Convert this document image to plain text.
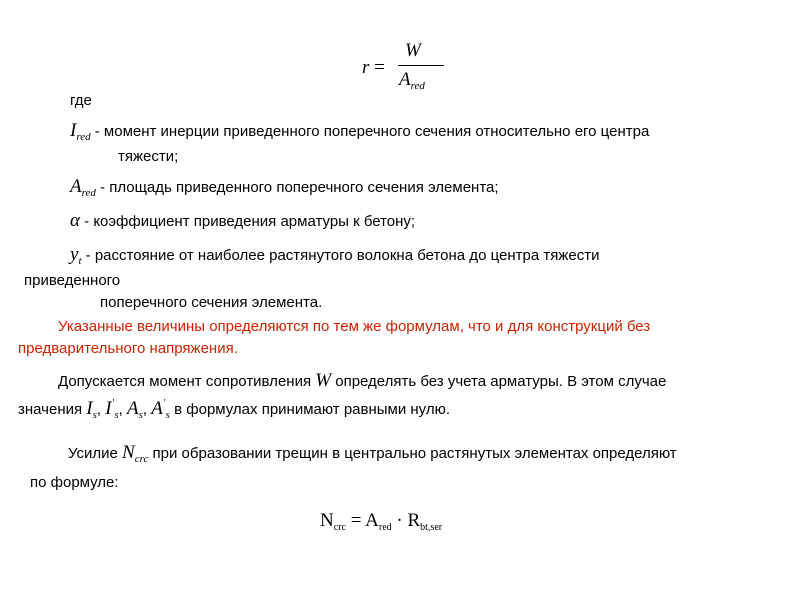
r =
W
$A_{red}$
где
$I_{red}$ - момент инерции приведенного поперечного сечения относительно его центра
тяжести;
$A_{red}$ - площадь приведенного поперечного сечения элемента;
α - коэффициент приведения арматуры к бетону;
$y_t$ - расстояние от наиболее растянутого волокна бетона до центра тяжести
приведенного
поперечного сечения элемента.
Указанные величины определяются по тем же формулам, что и для конструкций без
предварительного напряжения.
Допускается момент сопротивления W определять без учета арматуры. В этом случае
значения $I_s$, $I'_s$, $A_s$, $A'_s$ в формулах принимают равными нулю.
Усилие $N_{crc}$ при образовании трещин в центрально растянутых элементах определяют
по формуле:
$N_{crc} = A_{red} \cdot R_{bt,ser}$
